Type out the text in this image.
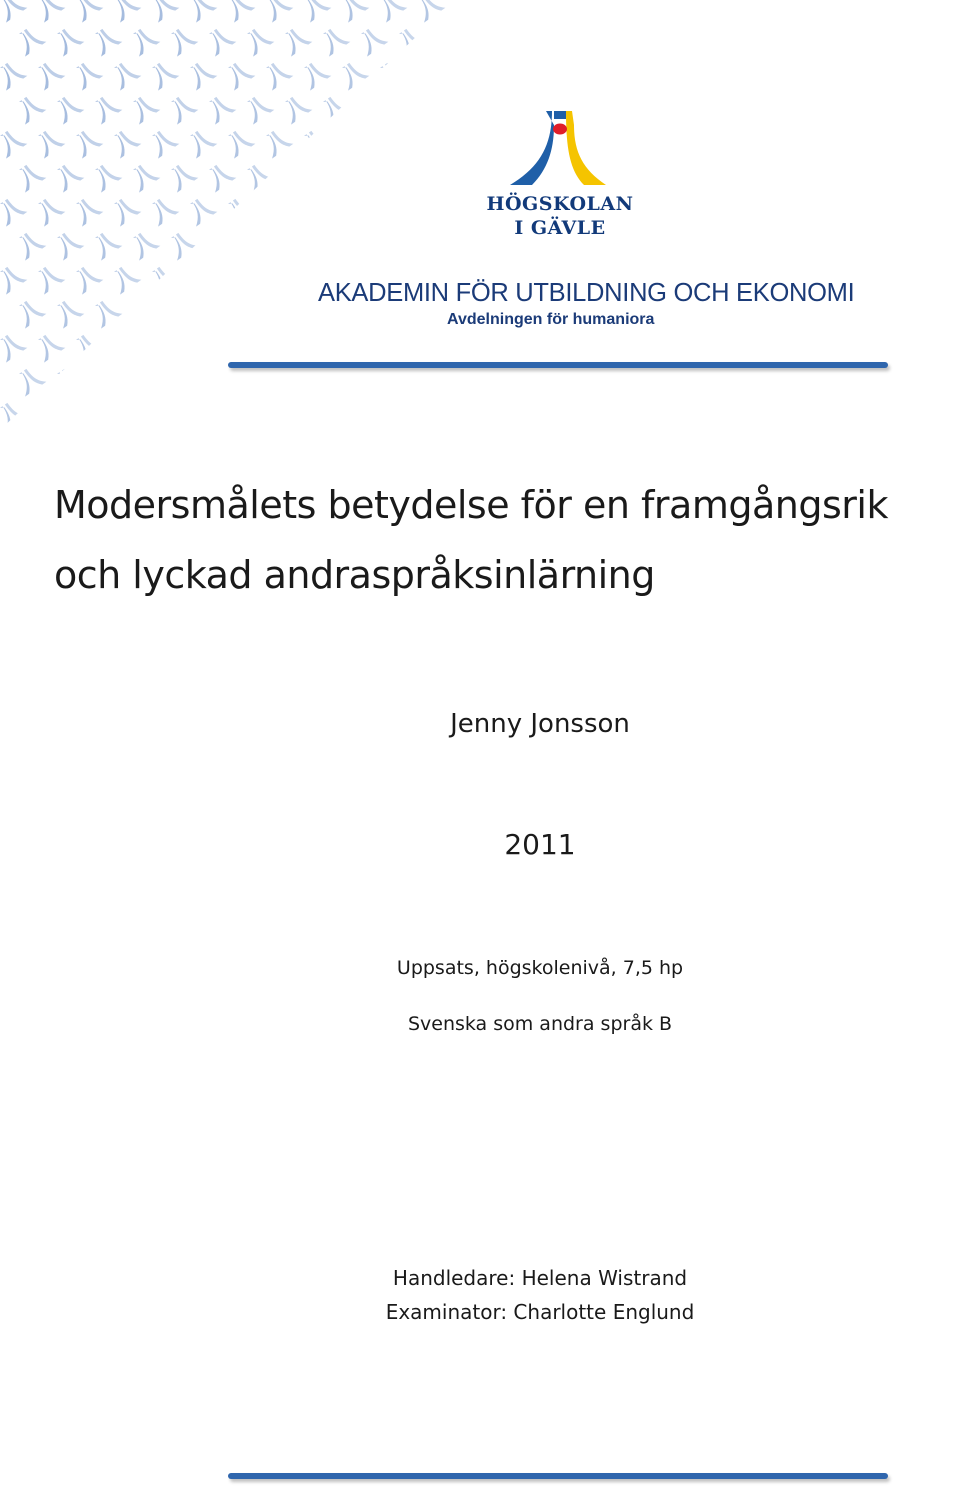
HÖGSKOLAN
I GÄVLE
AKADEMIN FÖR UTBILDNING OCH EKONOMI
Avdelningen för humaniora
Modersmålets betydelse för en framgångsrik
och lyckad andraspråksinlärning
Jenny Jonsson
2011
Uppsats, högskolenivå, 7,5 hp
Svenska som andra språk B
Handledare: Helena Wistrand
Examinator: Charlotte Englund
